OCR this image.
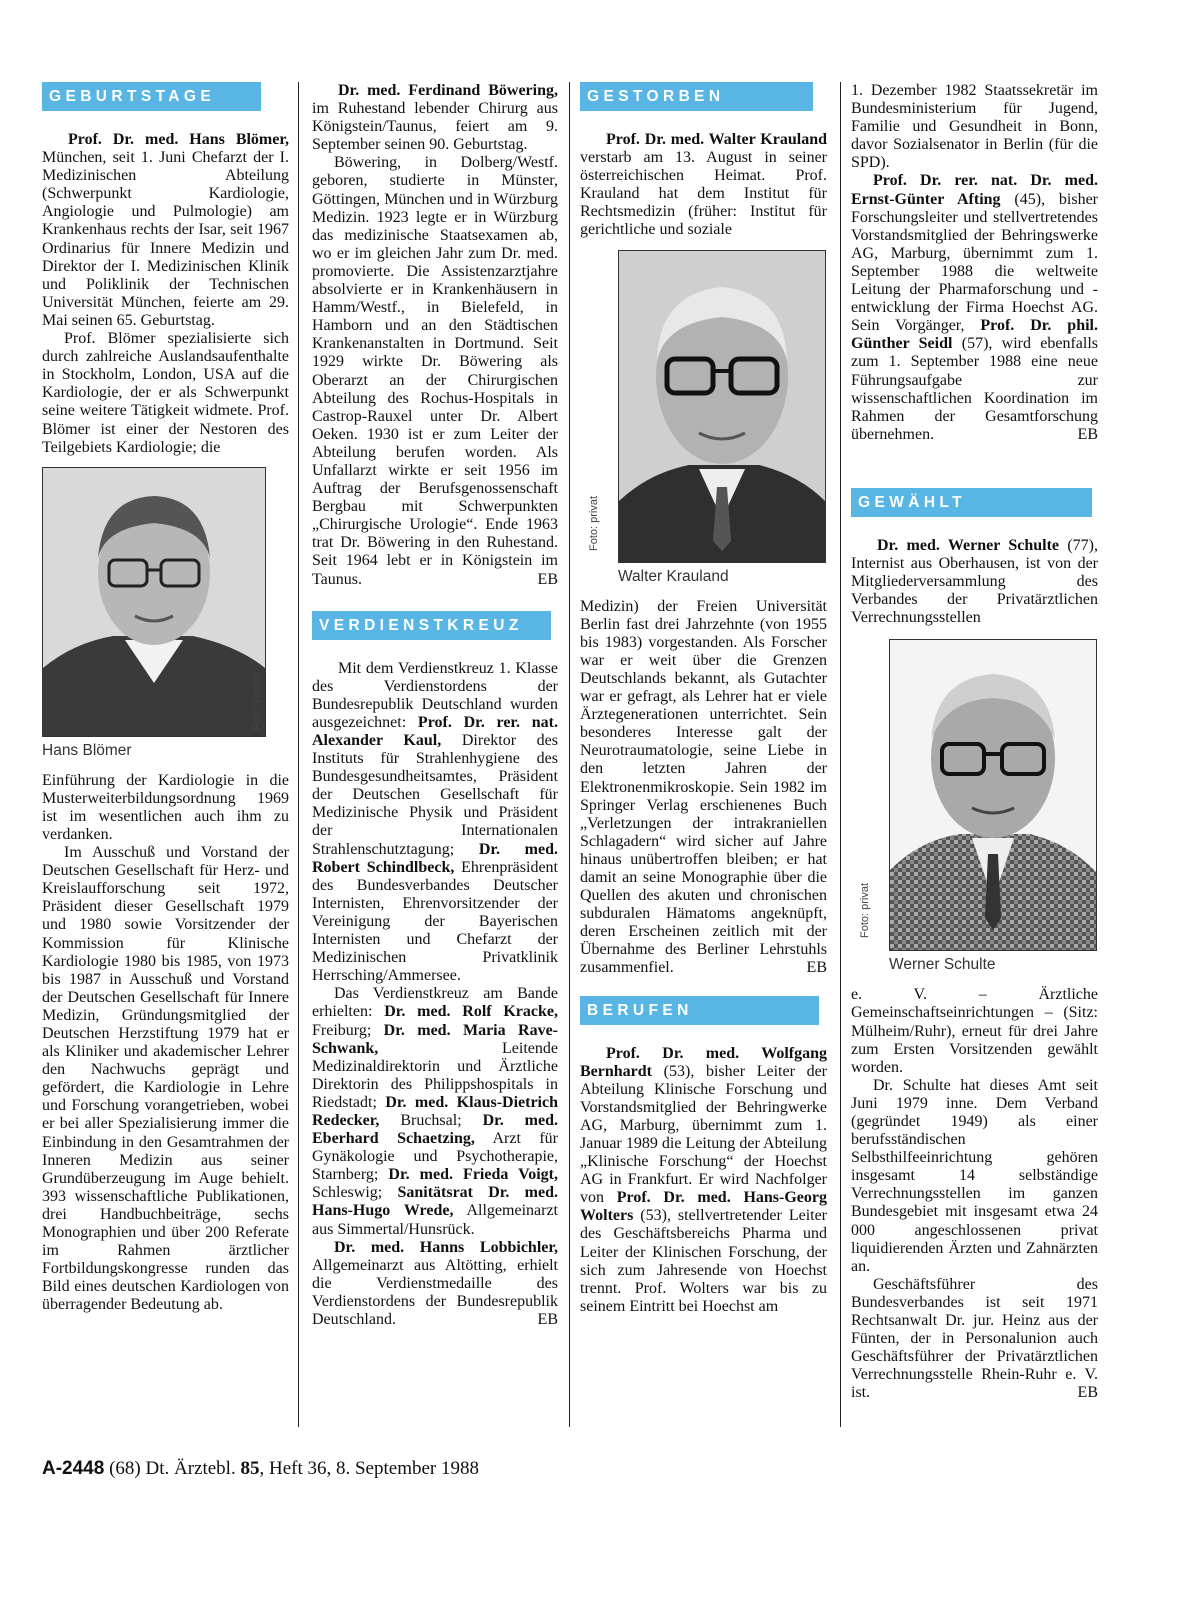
GEBURTSTAGE

Prof. Dr. med. Hans Blömer, München, seit 1. Juni Chefarzt der I. Medizinischen Abteilung (Schwerpunkt Kardiologie, Angiologie und Pulmologie) am Krankenhaus rechts der Isar, seit 1967 Ordinarius für Innere Medizin und Direktor der I. Medizinischen Klinik und Poliklinik der Technischen Universität München, feierte am 29. Mai seinen 65. Geburtstag.

Prof. Blömer spezialisierte sich durch zahlreiche Auslandsaufenthalte in Stockholm, London, USA auf die Kardiologie, der er als Schwerpunkt seine weitere Tätigkeit widmete. Prof. Blömer ist einer der Nestoren des Teilgebiets Kardiologie; die

Foto: Archiv
Hans Blömer

Einführung der Kardiologie in die Musterweiterbildungsordnung 1969 ist im wesentlichen auch ihm zu verdanken.

Im Ausschuß und Vorstand der Deutschen Gesellschaft für Herz- und Kreislaufforschung seit 1972, Präsident dieser Gesellschaft 1979 und 1980 sowie Vorsitzender der Kommission für Klinische Kardiologie 1980 bis 1985, von 1973 bis 1987 in Ausschuß und Vorstand der Deutschen Gesellschaft für Innere Medizin, Gründungsmitglied der Deutschen Herzstiftung 1979 hat er als Kliniker und akademischer Lehrer den Nachwuchs geprägt und gefördert, die Kardiologie in Lehre und Forschung vorangetrieben, wobei er bei aller Spezialisierung immer die Einbindung in den Gesamtrahmen der Inneren Medizin aus seiner Grundüberzeugung im Auge behielt. 393 wissenschaftliche Publikationen, drei Handbuchbeiträge, sechs Monographien und über 200 Referate im Rahmen ärztlicher Fortbildungskongresse runden das Bild eines deutschen Kardiologen von überragender Bedeutung ab.

Dr. med. Ferdinand Böwering, im Ruhestand lebender Chirurg aus Königstein/Taunus, feiert am 9. September seinen 90. Geburtstag.

Böwering, in Dolberg/Westf. geboren, studierte in Münster, Göttingen, München und in Würzburg Medizin. 1923 legte er in Würzburg das medizinische Staatsexamen ab, wo er im gleichen Jahr zum Dr. med. promovierte. Die Assistenzarztjahre absolvierte er in Krankenhäusern in Hamm/Westf., in Bielefeld, in Hamborn und an den Städtischen Krankenanstalten in Dortmund. Seit 1929 wirkte Dr. Böwering als Oberarzt an der Chirurgischen Abteilung des Rochus-Hospitals in Castrop-Rauxel unter Dr. Albert Oeken. 1930 ist er zum Leiter der Abteilung berufen worden. Als Unfallarzt wirkte er seit 1956 im Auftrag der Berufsgenossenschaft Bergbau mit Schwerpunkten „Chirurgische Urologie“. Ende 1963 trat Dr. Böwering in den Ruhestand. Seit 1964 lebt er in Königstein im Taunus.	EB

VERDIENSTKREUZ

Mit dem Verdienstkreuz 1. Klasse des Verdienstordens der Bundesrepublik Deutschland wurden ausgezeichnet: Prof. Dr. rer. nat. Alexander Kaul, Direktor des Instituts für Strahlenhygiene des Bundesgesundheitsamtes, Präsident der Deutschen Gesellschaft für Medizinische Physik und Präsident der Internationalen Strahlenschutztagung; Dr. med. Robert Schindlbeck, Ehrenpräsident des Bundesverbandes Deutscher Internisten, Ehrenvorsitzender der Vereinigung der Bayerischen Internisten und Chefarzt der Medizinischen Privatklinik Herrsching/Ammersee.

Das Verdienstkreuz am Bande erhielten: Dr. med. Rolf Kracke, Freiburg; Dr. med. Maria Rave-Schwank,	Leitende Medizinaldirektorin und Ärztliche Direktorin des Philippshospitals in Riedstadt; Dr. med. Klaus-Dietrich Redecker, Bruchsal; Dr. med. Eberhard Schaetzing, Arzt für Gynäkologie und Psychotherapie, Starnberg; Dr. med. Frieda Voigt, Schleswig; Sanitätsrat Dr. med. Hans-Hugo Wrede, Allgemeinarzt aus Simmertal/Hunsrück.

Dr. med. Hanns Lobbichler, Allgemeinarzt aus Altötting, erhielt die Verdienstmedaille des Verdienstordens der Bundesrepublik Deutschland.	EB

GESTORBEN

Prof. Dr. med. Walter Krauland verstarb am 13. August in seiner österreichischen Heimat. Prof. Krauland hat dem Institut für Rechtsmedizin (früher: Institut für gerichtliche und soziale

Foto: privat
Walter Krauland

Medizin) der Freien Universität Berlin fast drei Jahrzehnte (von 1955 bis 1983) vorgestanden. Als Forscher war er weit über die Grenzen Deutschlands bekannt, als Gutachter war er gefragt, als Lehrer hat er viele Ärztegenerationen unterrichtet. Sein besonderes Interesse galt der Neurotraumatologie, seine Liebe in den letzten Jahren der Elektronenmikroskopie. Sein 1982 im Springer Verlag erschienenes Buch „Verletzungen der intrakraniellen Schlagadern“ wird sicher auf Jahre hinaus unübertroffen bleiben; er hat damit an seine Monographie über die Quellen des akuten und chronischen subduralen Hämatoms angeknüpft, deren Erscheinen zeitlich mit der Übernahme des Berliner Lehrstuhls zusammenfiel.	EB

BERUFEN

Prof. Dr. med. Wolfgang Bernhardt (53), bisher Leiter der Abteilung Klinische Forschung und Vorstandsmitglied der Behringwerke AG, Marburg, übernimmt zum 1. Januar 1989 die Leitung der Abteilung „Klinische Forschung“ der Hoechst AG in Frankfurt. Er wird Nachfolger von Prof. Dr. med. Hans-Georg Wolters (53), stellvertretender Leiter des Geschäftsbereichs Pharma und Leiter der Klinischen Forschung, der sich zum Jahresende von Hoechst trennt. Prof. Wolters war bis zu seinem Eintritt bei Hoechst am

1. Dezember 1982 Staatssekretär im Bundesministerium für Jugend, Familie und Gesundheit in Bonn, davor Sozialsenator in Berlin (für die SPD).

Prof. Dr. rer. nat. Dr. med. Ernst-Günter Afting (45), bisher Forschungsleiter und stellvertretendes Vorstandsmitglied der Behringswerke AG, Marburg, übernimmt zum 1. September 1988 die weltweite Leitung der Pharmaforschung und -entwicklung der Firma Hoechst AG. Sein Vorgänger, Prof. Dr. phil. Günther Seidl (57), wird ebenfalls zum 1. September 1988 eine neue Führungsaufgabe zur wissenschaftlichen Koordination im Rahmen der Gesamtforschung übernehmen.	EB

GEWÄHLT

Dr. med. Werner Schulte (77), Internist aus Oberhausen, ist von der Mitgliederversammlung des Verbandes der Privatärztlichen Verrechnungsstellen

Foto: privat
Werner Schulte

e. V. – Ärztliche Gemeinschaftseinrichtungen – (Sitz: Mülheim/Ruhr), erneut für drei Jahre zum Ersten Vorsitzenden gewählt worden.

Dr. Schulte hat dieses Amt seit Juni 1979 inne. Dem Verband (gegründet 1949) als einer berufsständischen Selbsthilfeeinrichtung gehören insgesamt 14 selbständige Verrechnungsstellen im ganzen Bundesgebiet mit insgesamt etwa 24 000 angeschlossenen privat liquidierenden Ärzten und Zahnärzten an.

Geschäftsführer des Bundesverbandes ist seit 1971 Rechtsanwalt Dr. jur. Heinz aus der Fünten, der in Personalunion auch Geschäftsführer der Privatärztlichen Verrechnungsstelle Rhein-Ruhr e. V. ist.	EB

A-2448 (68) Dt. Ärztebl. 85, Heft 36, 8. September 1988
